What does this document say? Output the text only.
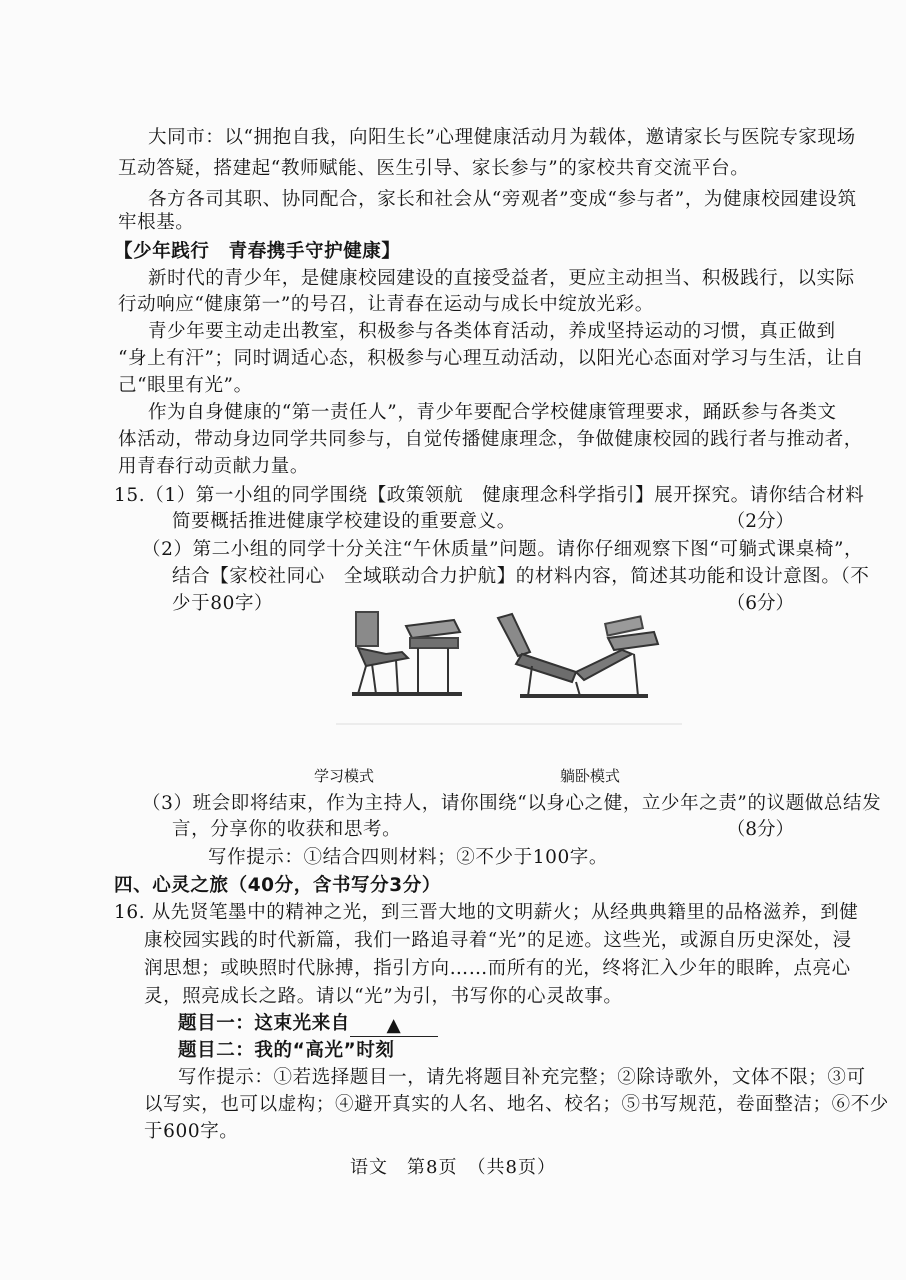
大同市：以“拥抱自我，向阳生长”心理健康活动月为载体，邀请家长与医院专家现场
互动答疑，搭建起“教师赋能、医生引导、家长参与”的家校共育交流平台。
各方各司其职、协同配合，家长和社会从“旁观者”变成“参与者”，为健康校园建设筑
牢根基。
【少年践行　青春携手守护健康】
新时代的青少年，是健康校园建设的直接受益者，更应主动担当、积极践行，以实际
行动响应“健康第一”的号召，让青春在运动与成长中绽放光彩。
青少年要主动走出教室，积极参与各类体育活动，养成坚持运动的习惯，真正做到
“身上有汗”；同时调适心态，积极参与心理互动活动，以阳光心态面对学习与生活，让自
己“眼里有光”。
作为自身健康的“第一责任人”，青少年要配合学校健康管理要求，踊跃参与各类文
体活动，带动身边同学共同参与，自觉传播健康理念，争做健康校园的践行者与推动者，
用青春行动贡献力量。
15.（1）第一小组的同学围绕【政策领航　健康理念科学指引】展开探究。请你结合材料
简要概括推进健康学校建设的重要意义。	（2分）
（2）第二小组的同学十分关注“午休质量”问题。请你仔细观察下图“可躺式课桌椅”，
结合【家校社同心　全域联动合力护航】的材料内容，简述其功能和设计意图。（不
少于80字）	（6分）
学习模式	躺卧模式
（3）班会即将结束，作为主持人，请你围绕“以身心之健，立少年之责”的议题做总结发
言，分享你的收获和思考。	（8分）
写作提示：①结合四则材料；②不少于100字。
四、心灵之旅（40分，含书写分3分）
16. 从先贤笔墨中的精神之光，到三晋大地的文明薪火；从经典典籍里的品格滋养，到健
康校园实践的时代新篇，我们一路追寻着“光”的足迹。这些光，或源自历史深处，浸
润思想；或映照时代脉搏，指引方向……而所有的光，终将汇入少年的眼眸，点亮心
灵，照亮成长之路。请以“光”为引，书写你的心灵故事。
题目一：这束光来自 ▲
题目二：我的“高光”时刻
写作提示：①若选择题目一，请先将题目补充完整；②除诗歌外，文体不限；③可
以写实，也可以虚构；④避开真实的人名、地名、校名；⑤书写规范，卷面整洁；⑥不少
于600字。
语文　第8页　（共8页）
